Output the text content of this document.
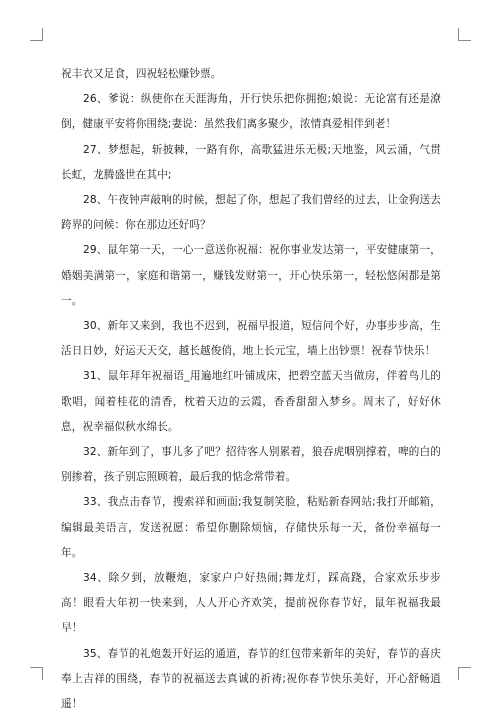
祝丰衣又足食，四祝轻松赚钞票。

26、爹说：纵使你在天涯海角，开行快乐把你拥抱;娘说：无论富有还是潦倒，健康平安将你围绕;妻说：虽然我们离多聚少，浓情真爱相伴到老！

27、梦想起，斩披棘，一路有你，高歌猛进乐无极;天地鉴，风云涌，气贯长虹，龙腾盛世在其中;

28、午夜钟声敲响的时候，想起了你，想起了我们曾经的过去，让金狗送去跨界的问候：你在那边还好吗？

29、鼠年第一天，一心一意送你祝福：祝你事业发达第一，平安健康第一，婚姻美满第一，家庭和谐第一，赚钱发财第一，开心快乐第一，轻松悠闲都是第一。

30、新年又来到，我也不迟到，祝福早报道，短信问个好，办事步步高，生活日日妙，好运天天交，越长越俊俏，地上长元宝，墙上出钞票！祝春节快乐！

31、鼠年拜年祝福语_用遍地红叶铺成床，把碧空蓝天当做房，伴着鸟儿的歌唱，闻着桂花的清香，枕着天边的云霞，香香甜甜入梦乡。周末了，好好休息，祝幸福似秋水绵长。

32、新年到了，事儿多了吧？招待客人别累着，狼吞虎咽别撑着，啤的白的别掺着，孩子别忘照顾着，最后我的惦念常带着。

33、我点击春节，搜索祥和画面;我复制笑脸，粘贴新春网站;我打开邮箱，编辑最美语言，发送祝愿：希望你删除烦恼，存储快乐每一天，备份幸福每一年。

34、除夕到，放鞭炮，家家户户好热闹;舞龙灯，踩高跷，合家欢乐步步高！眼看大年初一快来到，人人开心齐欢笑，提前祝你春节好，鼠年祝福我最早！

35、春节的礼炮轰开好运的通道，春节的红包带来新年的美好，春节的喜庆奉上吉祥的围绕，春节的祝福送去真诚的祈祷;祝你春节快乐美好，开心舒畅逍遥！
